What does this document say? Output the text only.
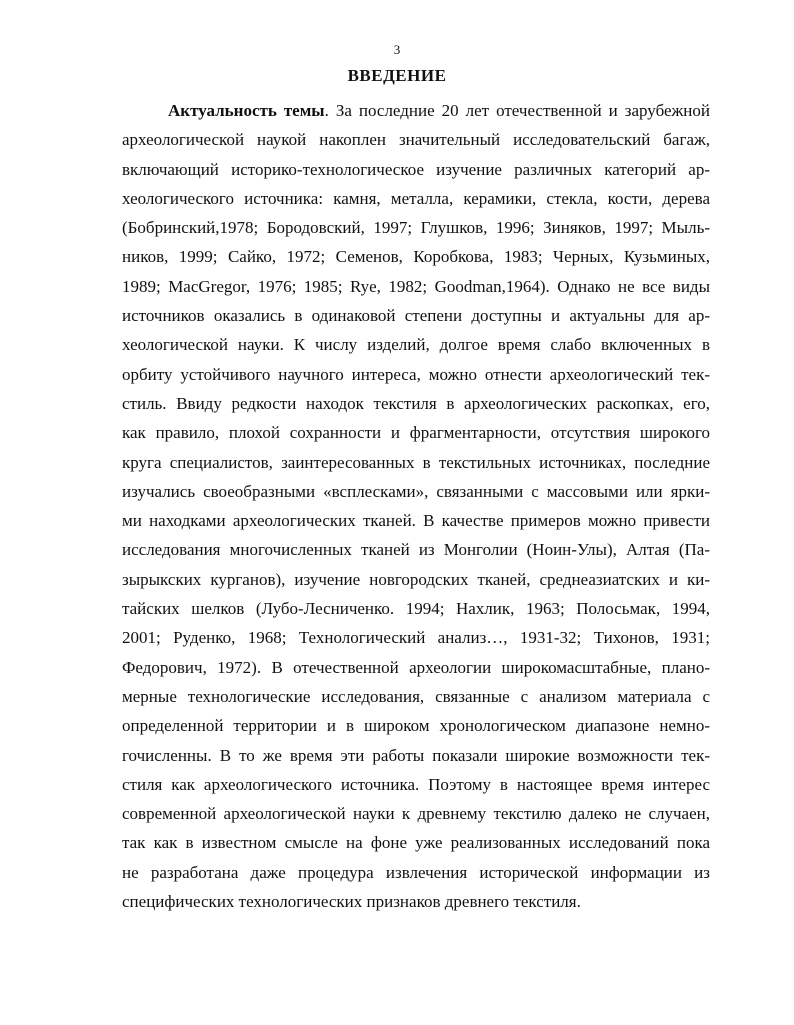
3
ВВЕДЕНИЕ
Актуальность темы. За последние 20 лет отечественной и зарубежной
археологической наукой накоплен значительный исследовательский багаж,
включающий историко-технологическое изучение различных категорий ар-
хеологического источника: камня, металла, керамики, стекла, кости, дерева
(Бобринский,1978; Бородовский, 1997; Глушков, 1996; Зиняков, 1997; Мыль-
ников, 1999; Сайко, 1972; Семенов, Коробкова, 1983; Черных, Кузьминых,
1989; MacGregor, 1976; 1985; Rye, 1982; Goodman,1964). Однако не все виды
источников оказались в одинаковой степени доступны и актуальны для ар-
хеологической науки. К числу изделий, долгое время слабо включенных в
орбиту устойчивого научного интереса, можно отнести археологический тек-
стиль. Ввиду редкости находок текстиля в археологических раскопках, его,
как правило, плохой сохранности и фрагментарности, отсутствия широкого
круга специалистов, заинтересованных в текстильных источниках, последние
изучались своеобразными «всплесками», связанными с массовыми или ярки-
ми находками археологических тканей. В качестве примеров можно привести
исследования многочисленных тканей из Монголии (Ноин-Улы), Алтая (Па-
зырыкских курганов), изучение новгородских тканей, среднеазиатских и ки-
тайских шелков (Лубо-Лесниченко. 1994; Нахлик, 1963; Полосьмак, 1994,
2001; Руденко, 1968; Технологический анализ…, 1931-32; Тихонов, 1931;
Федорович, 1972). В отечественной археологии широкомасштабные, плано-
мерные технологические исследования, связанные с анализом материала с
определенной территории и в широком хронологическом диапазоне немно-
гочисленны. В то же время эти работы показали широкие возможности тек-
стиля как археологического источника. Поэтому в настоящее время интерес
современной археологической науки к древнему текстилю далеко не случаен,
так как в известном смысле на фоне уже реализованных исследований пока
не разработана даже процедура извлечения исторической информации из
специфических технологических признаков древнего текстиля.
